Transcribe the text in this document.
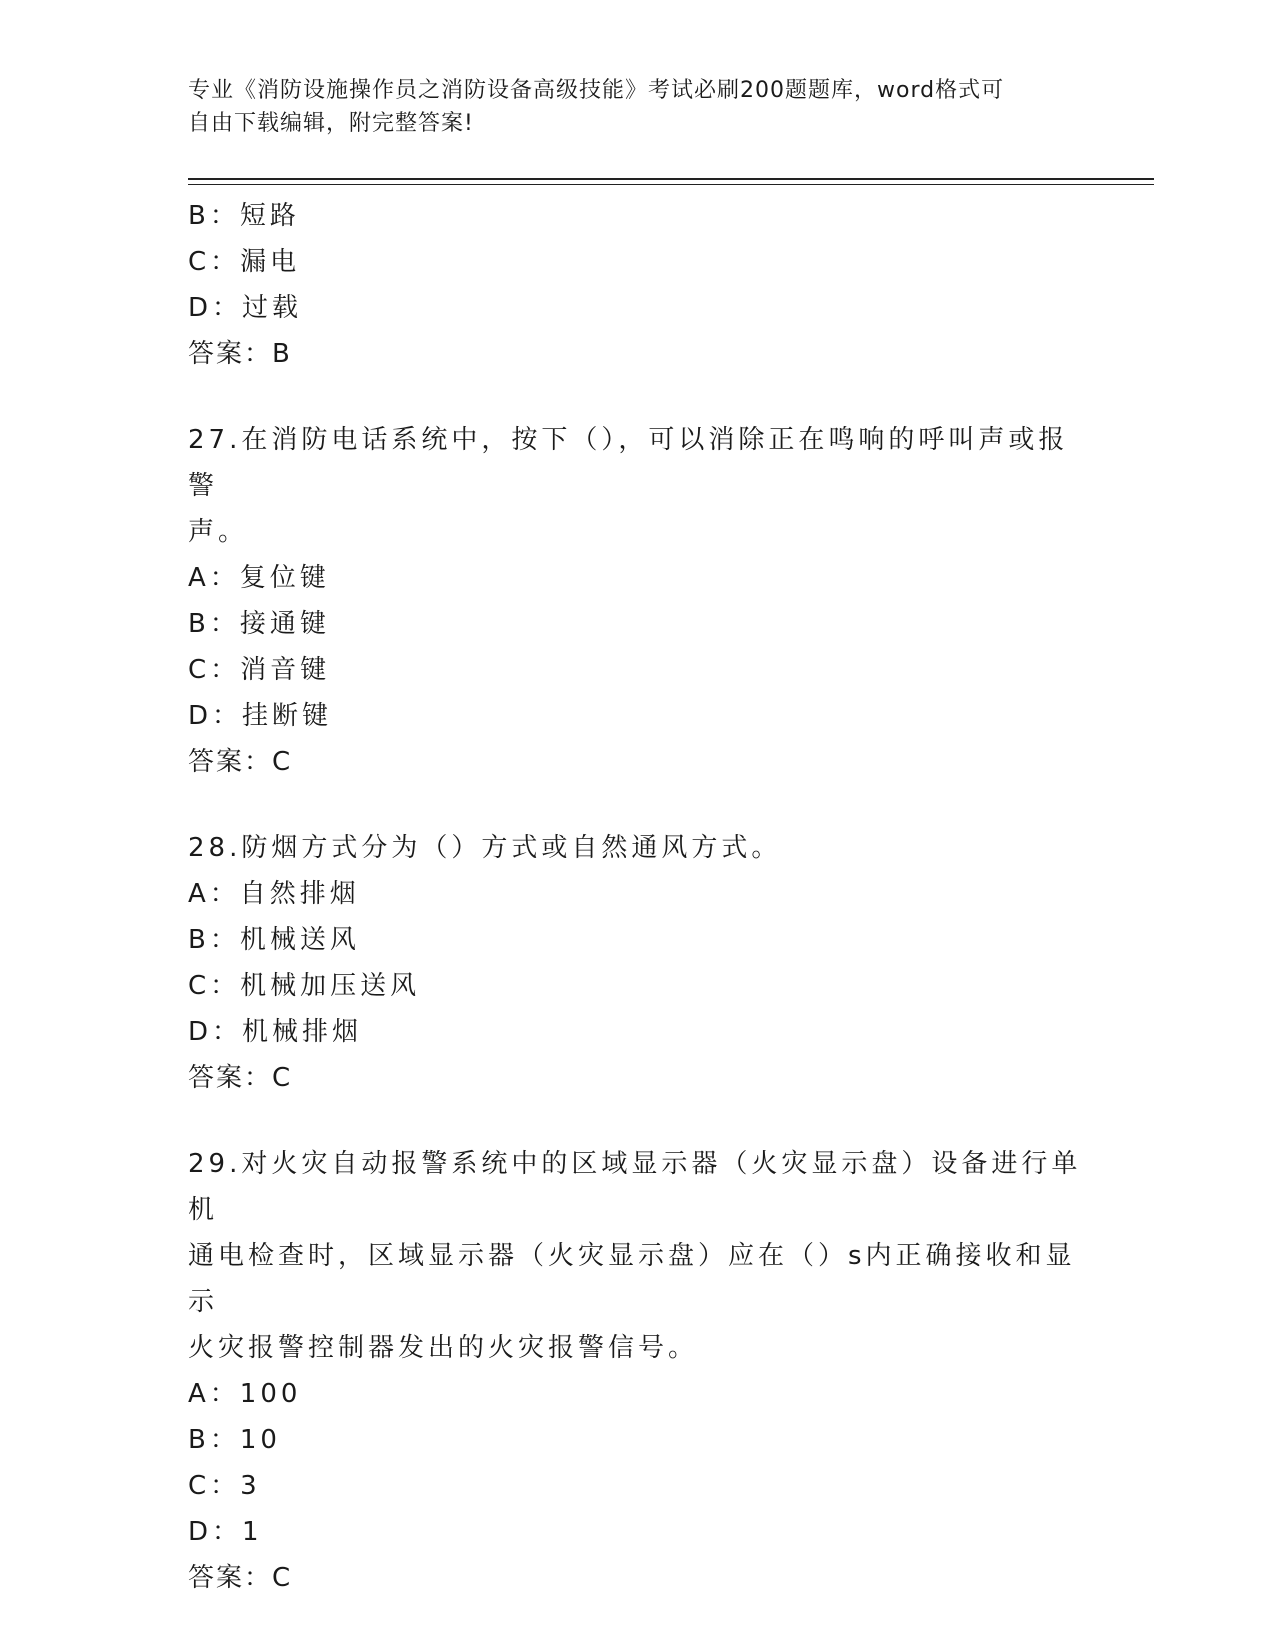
专业《消防设施操作员之消防设备高级技能》考试必刷200题题库，word格式可
自由下载编辑，附完整答案!
B：短路
C：漏电
D：过载
答案：B
27.在消防电话系统中，按下（），可以消除正在鸣响的呼叫声或报警
声。
A：复位键
B：接通键
C：消音键
D：挂断键
答案：C
28.防烟方式分为（）方式或自然通风方式。
A：自然排烟
B：机械送风
C：机械加压送风
D：机械排烟
答案：C
29.对火灾自动报警系统中的区域显示器（火灾显示盘）设备进行单机
通电检查时，区域显示器（火灾显示盘）应在（）s内正确接收和显示
火灾报警控制器发出的火灾报警信号。
A：100
B：10
C：3
D：1
答案：C
